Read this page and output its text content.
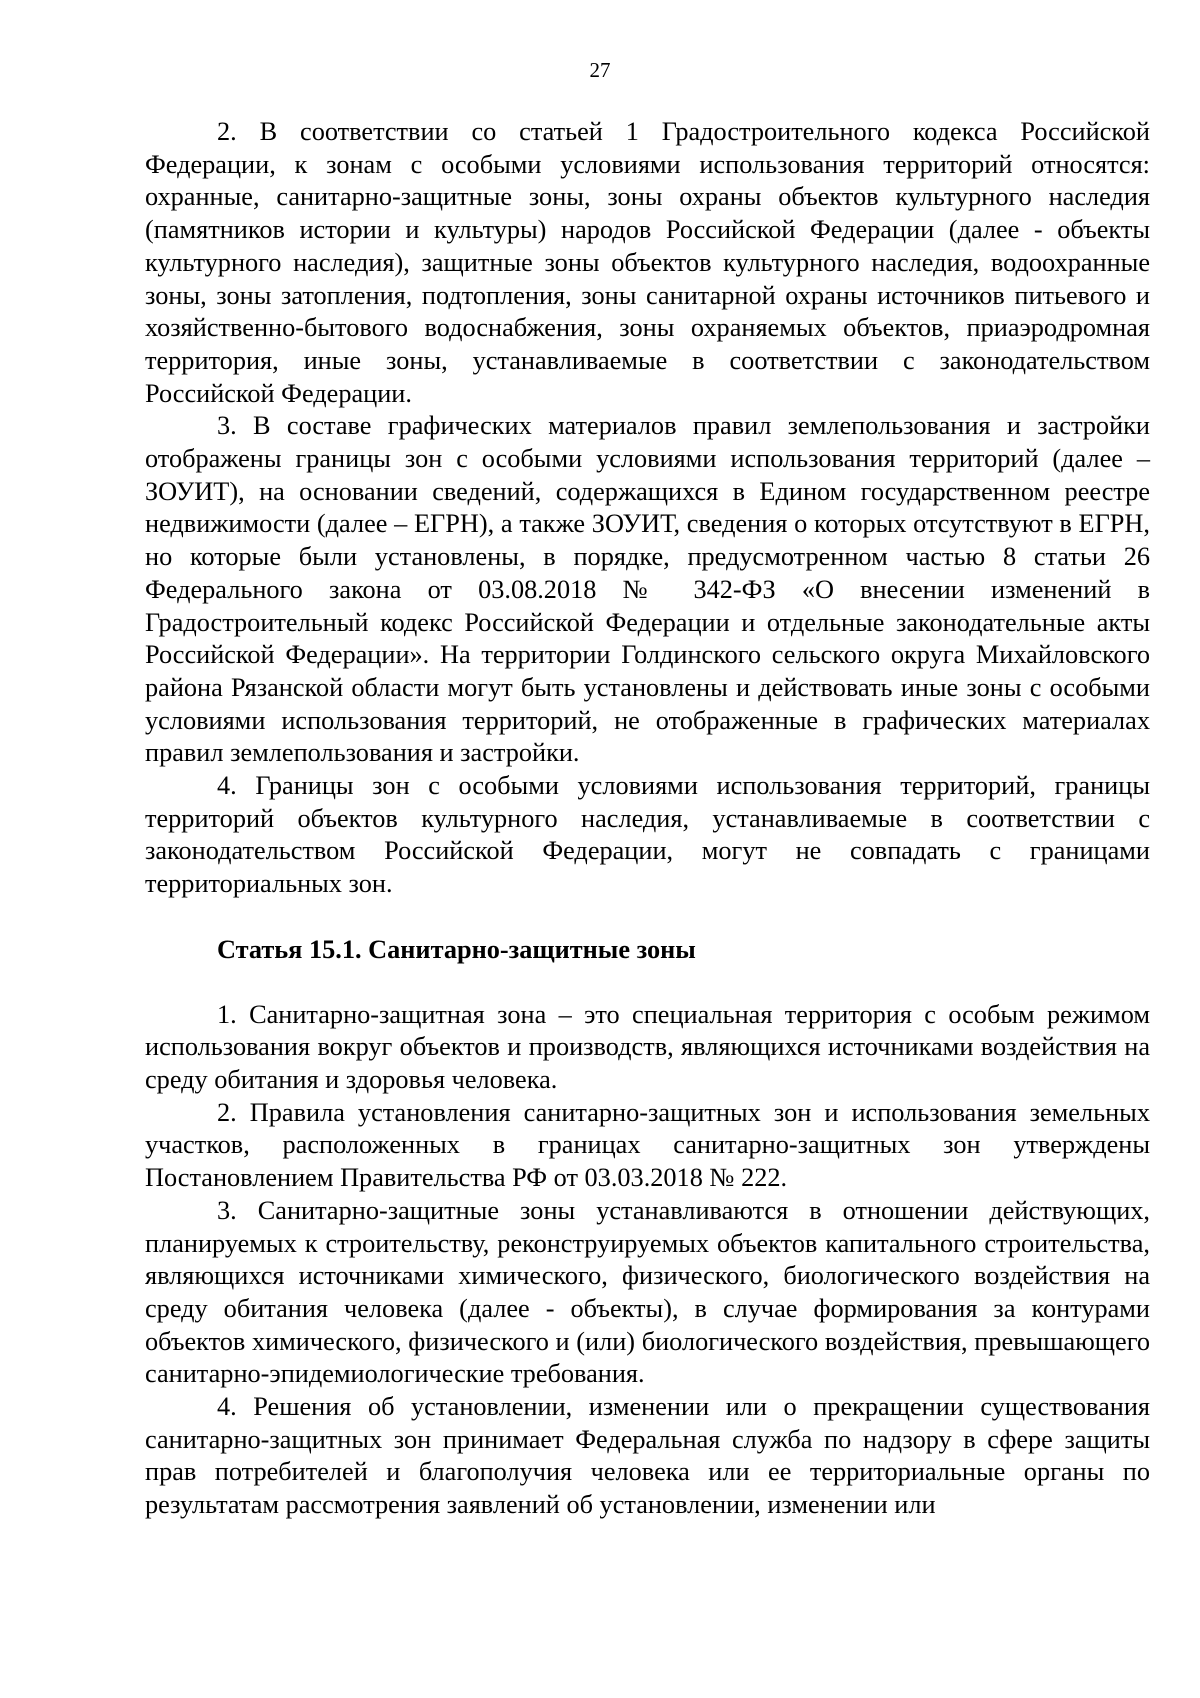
27

2. В соответствии со статьей 1 Градостроительного кодекса Российской Федерации, к зонам с особыми условиями использования территорий относятся: охранные, санитарно-защитные зоны, зоны охраны объектов культурного наследия (памятников истории и культуры) народов Российской Федерации (далее - объекты культурного наследия), защитные зоны объектов культурного наследия, водоохранные зоны, зоны затопления, подтопления, зоны санитарной охраны источников питьевого и хозяйственно-бытового водоснабжения, зоны охраняемых объектов, приаэродромная территория, иные зоны, устанавливаемые в соответствии с законодательством Российской Федерации.

3. В составе графических материалов правил землепользования и застройки отображены границы зон с особыми условиями использования территорий (далее – ЗОУИТ), на основании сведений, содержащихся в Едином государственном реестре недвижимости (далее – ЕГРН), а также ЗОУИТ, сведения о которых отсутствуют в ЕГРН, но которые были установлены, в порядке, предусмотренном частью 8 статьи 26 Федерального закона от 03.08.2018 № 342-ФЗ «О внесении изменений в Градостроительный кодекс Российской Федерации и отдельные законодательные акты Российской Федерации». На территории Голдинского сельского округа Михайловского района Рязанской области могут быть установлены и действовать иные зоны с особыми условиями использования территорий, не отображенные в графических материалах правил землепользования и застройки.

4. Границы зон с особыми условиями использования территорий, границы территорий объектов культурного наследия, устанавливаемые в соответствии с законодательством Российской Федерации, могут не совпадать с границами территориальных зон.

Статья 15.1. Санитарно-защитные зоны

1. Санитарно-защитная зона – это специальная территория с особым режимом использования вокруг объектов и производств, являющихся источниками воздействия на среду обитания и здоровья человека.

2. Правила установления санитарно-защитных зон и использования земельных участков, расположенных в границах санитарно-защитных зон утверждены Постановлением Правительства РФ от 03.03.2018 № 222.

3. Санитарно-защитные зоны устанавливаются в отношении действующих, планируемых к строительству, реконструируемых объектов капитального строительства, являющихся источниками химического, физического, биологического воздействия на среду обитания человека (далее - объекты), в случае формирования за контурами объектов химического, физического и (или) биологического воздействия, превышающего санитарно-эпидемиологические требования.

4. Решения об установлении, изменении или о прекращении существования санитарно-защитных зон принимает Федеральная служба по надзору в сфере защиты прав потребителей и благополучия человека или ее территориальные органы по результатам рассмотрения заявлений об установлении, изменении или
